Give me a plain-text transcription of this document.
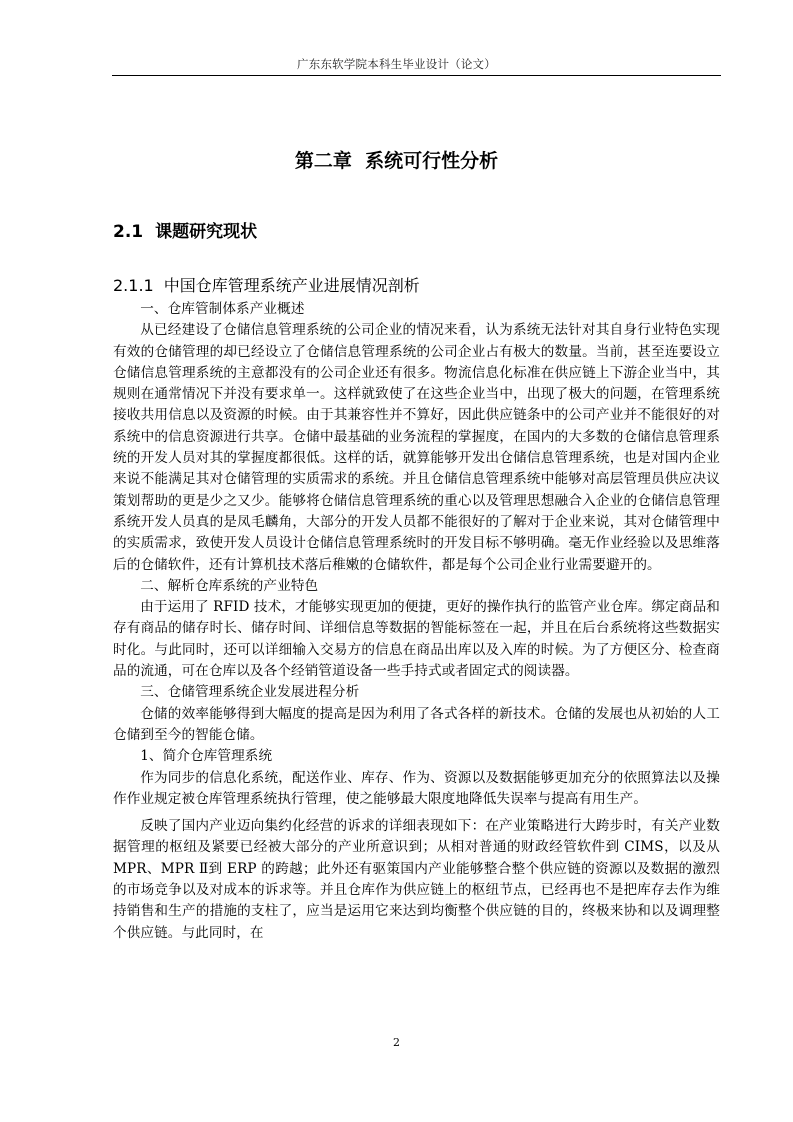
广东东软学院本科生毕业设计（论文）
第二章  系统可行性分析
2.1 课题研究现状
2.1.1 中国仓库管理系统产业进展情况剖析

一、仓库管制体系产业概述

从已经建设了仓储信息管理系统的公司企业的情况来看，认为系统无法针对其自身行业特色实现有效的仓储管理的却已经设立了仓储信息管理系统的公司企业占有极大的数量。当前，甚至连要设立仓储信息管理系统的主意都没有的公司企业还有很多。物流信息化标准在供应链上下游企业当中，其规则在通常情况下并没有要求单一。这样就致使了在这些企业当中，出现了极大的问题，在管理系统接收共用信息以及资源的时候。由于其兼容性并不算好，因此供应链条中的公司产业并不能很好的对系统中的信息资源进行共享。仓储中最基础的业务流程的掌握度，在国内的大多数的仓储信息管理系统的开发人员对其的掌握度都很低。这样的话，就算能够开发出仓储信息管理系统，也是对国内企业来说不能满足其对仓储管理的实质需求的系统。并且仓储信息管理系统中能够对高层管理员供应决议策划帮助的更是少之又少。能够将仓储信息管理系统的重心以及管理思想融合入企业的仓储信息管理系统开发人员真的是凤毛麟角，大部分的开发人员都不能很好的了解对于企业来说，其对仓储管理中的实质需求，致使开发人员设计仓储信息管理系统时的开发目标不够明确。毫无作业经验以及思维落后的仓储软件，还有计算机技术落后稚嫩的仓储软件，都是每个公司企业行业需要避开的。

二、解析仓库系统的产业特色

由于运用了 RFID 技术，才能够实现更加的便捷，更好的操作执行的监管产业仓库。绑定商品和存有商品的储存时长、储存时间、详细信息等数据的智能标签在一起，并且在后台系统将这些数据实时化。与此同时，还可以详细输入交易方的信息在商品出库以及入库的时候。为了方便区分、检查商品的流通，可在仓库以及各个经销管道设备一些手持式或者固定式的阅读器。

三、仓储管理系统企业发展进程分析

仓储的效率能够得到大幅度的提高是因为利用了各式各样的新技术。仓储的发展也从初始的人工仓储到至今的智能仓储。

1、简介仓库管理系统

作为同步的信息化系统，配送作业、库存、作为、资源以及数据能够更加充分的依照算法以及操作作业规定被仓库管理系统执行管理，使之能够最大限度地降低失误率与提高有用生产。

反映了国内产业迈向集约化经营的诉求的详细表现如下：在产业策略进行大跨步时，有关产业数据管理的枢纽及紧要已经被大部分的产业所意识到；从相对普通的财政经管软件到 CIMS，以及从 MPR、MPR Ⅱ到 ERP 的跨越；此外还有驱策国内产业能够整合整个供应链的资源以及数据的激烈的市场竞争以及对成本的诉求等。并且仓库作为供应链上的枢纽节点，已经再也不是把库存去作为维持销售和生产的措施的支柱了，应当是运用它来达到均衡整个供应链的目的，终极来协和以及调理整个供应链。与此同时，在

2
